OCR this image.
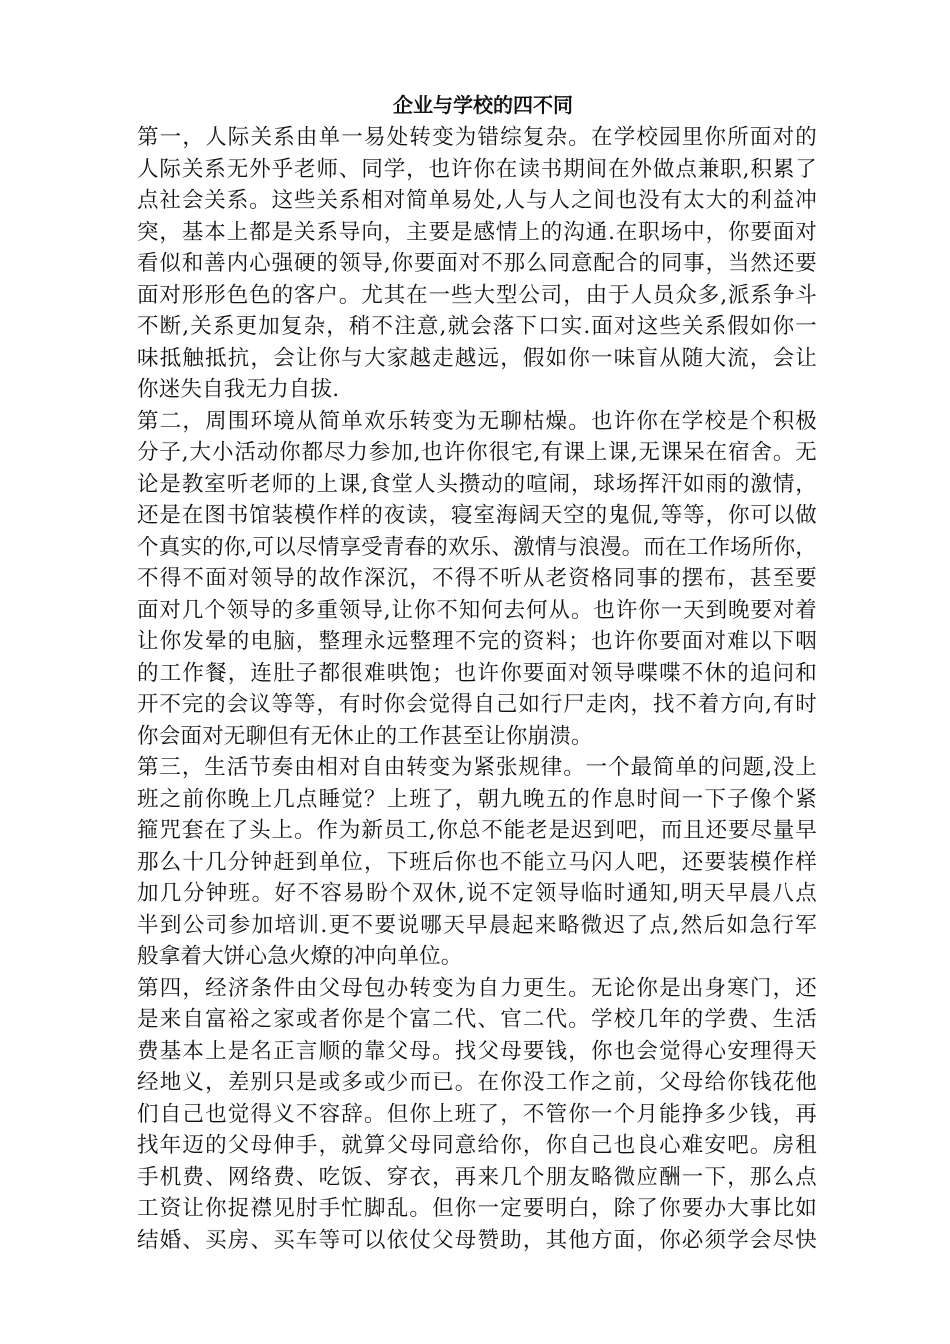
企业与学校的四不同
第一，人际关系由单一易处转变为错综复杂。在学校园里你所面对的
人际关系无外乎老师、同学，也许你在读书期间在外做点兼职,积累了
点社会关系。这些关系相对简单易处,人与人之间也没有太大的利益冲
突，基本上都是关系导向，主要是感情上的沟通.在职场中，你要面对
看似和善内心强硬的领导,你要面对不那么同意配合的同事，当然还要
面对形形色色的客户。尤其在一些大型公司，由于人员众多,派系争斗
不断,关系更加复杂，稍不注意,就会落下口实.面对这些关系假如你一
味抵触抵抗，会让你与大家越走越远，假如你一味盲从随大流，会让
你迷失自我无力自拔.
第二，周围环境从简单欢乐转变为无聊枯燥。也许你在学校是个积极
分子,大小活动你都尽力参加,也许你很宅,有课上课,无课呆在宿舍。无
论是教室听老师的上课,食堂人头攒动的喧闹，球场挥汗如雨的激情，
还是在图书馆装模作样的夜读，寝室海阔天空的鬼侃,等等，你可以做
个真实的你,可以尽情享受青春的欢乐、激情与浪漫。而在工作场所你，
不得不面对领导的故作深沉，不得不听从老资格同事的摆布，甚至要
面对几个领导的多重领导,让你不知何去何从。也许你一天到晚要对着
让你发晕的电脑，整理永远整理不完的资料；也许你要面对难以下咽
的工作餐，连肚子都很难哄饱；也许你要面对领导喋喋不休的追问和
开不完的会议等等，有时你会觉得自己如行尸走肉，找不着方向,有时
你会面对无聊但有无休止的工作甚至让你崩溃。
第三，生活节奏由相对自由转变为紧张规律。一个最简单的问题,没上
班之前你晚上几点睡觉？上班了，朝九晚五的作息时间一下子像个紧
箍咒套在了头上。作为新员工,你总不能老是迟到吧，而且还要尽量早
那么十几分钟赶到单位，下班后你也不能立马闪人吧，还要装模作样
加几分钟班。好不容易盼个双休,说不定领导临时通知,明天早晨八点
半到公司参加培训.更不要说哪天早晨起来略微迟了点,然后如急行军
般拿着大饼心急火燎的冲向单位。
第四，经济条件由父母包办转变为自力更生。无论你是出身寒门，还
是来自富裕之家或者你是个富二代、官二代。学校几年的学费、生活
费基本上是名正言顺的靠父母。找父母要钱，你也会觉得心安理得天
经地义，差别只是或多或少而已。在你没工作之前，父母给你钱花他
们自己也觉得义不容辞。但你上班了，不管你一个月能挣多少钱，再
找年迈的父母伸手，就算父母同意给你，你自己也良心难安吧。房租
手机费、网络费、吃饭、穿衣，再来几个朋友略微应酬一下，那么点
工资让你捉襟见肘手忙脚乱。但你一定要明白，除了你要办大事比如
结婚、买房、买车等可以依仗父母赞助，其他方面，你必须学会尽快
